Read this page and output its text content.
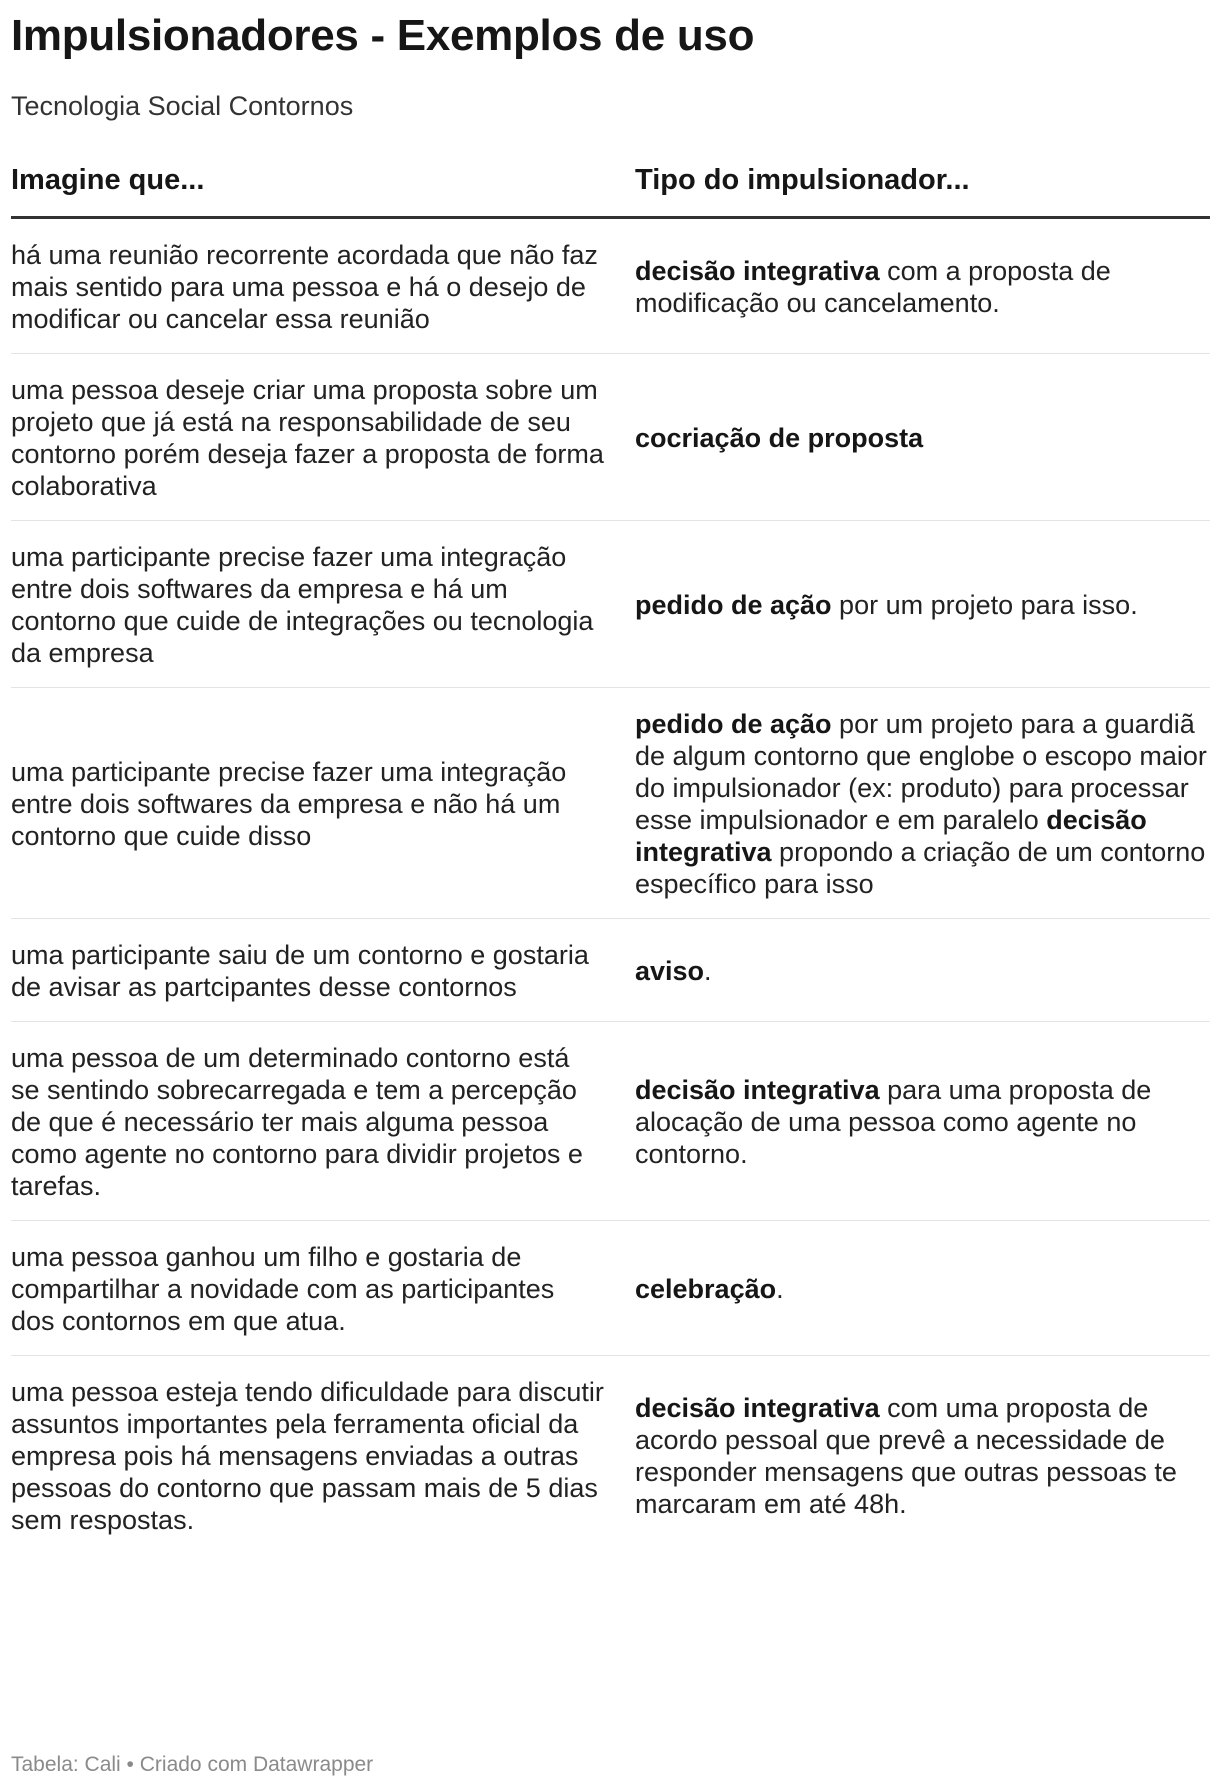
Impulsionadores - Exemplos de uso

Tecnologia Social Contornos

Imagine que...	Tipo do impulsionador...
há uma reunião recorrente acordada que não faz mais sentido para uma pessoa e há o desejo de modificar ou cancelar essa reunião	decisão integrativa com a proposta de modificação ou cancelamento.
uma pessoa deseje criar uma proposta sobre um projeto que já está na responsabilidade de seu contorno porém deseja fazer a proposta de forma colaborativa	cocriação de proposta
uma participante precise fazer uma integração entre dois softwares da empresa e há um contorno que cuide de integrações ou tecnologia da empresa	pedido de ação por um projeto para isso.
uma participante precise fazer uma integração entre dois softwares da empresa e não há um contorno que cuide disso	pedido de ação por um projeto para a guardiã de algum contorno que englobe o escopo maior do impulsionador (ex: produto) para processar esse impulsionador e em paralelo decisão integrativa propondo a criação de um contorno específico para isso
uma participante saiu de um contorno e gostaria de avisar as partcipantes desse contornos	aviso.
uma pessoa de um determinado contorno está se sentindo sobrecarregada e tem a percepção de que é necessário ter mais alguma pessoa como agente no contorno para dividir projetos e tarefas.	decisão integrativa para uma proposta de alocação de uma pessoa como agente no contorno.
uma pessoa ganhou um filho e gostaria de compartilhar a novidade com as participantes dos contornos em que atua.	celebração.
uma pessoa esteja tendo dificuldade para discutir assuntos importantes pela ferramenta oficial da empresa pois há mensagens enviadas a outras pessoas do contorno que passam mais de 5 dias sem respostas.	decisão integrativa com uma proposta de acordo pessoal que prevê a necessidade de responder mensagens que outras pessoas te marcaram em até 48h.
Tabela: Cali • Criado com Datawrapper
